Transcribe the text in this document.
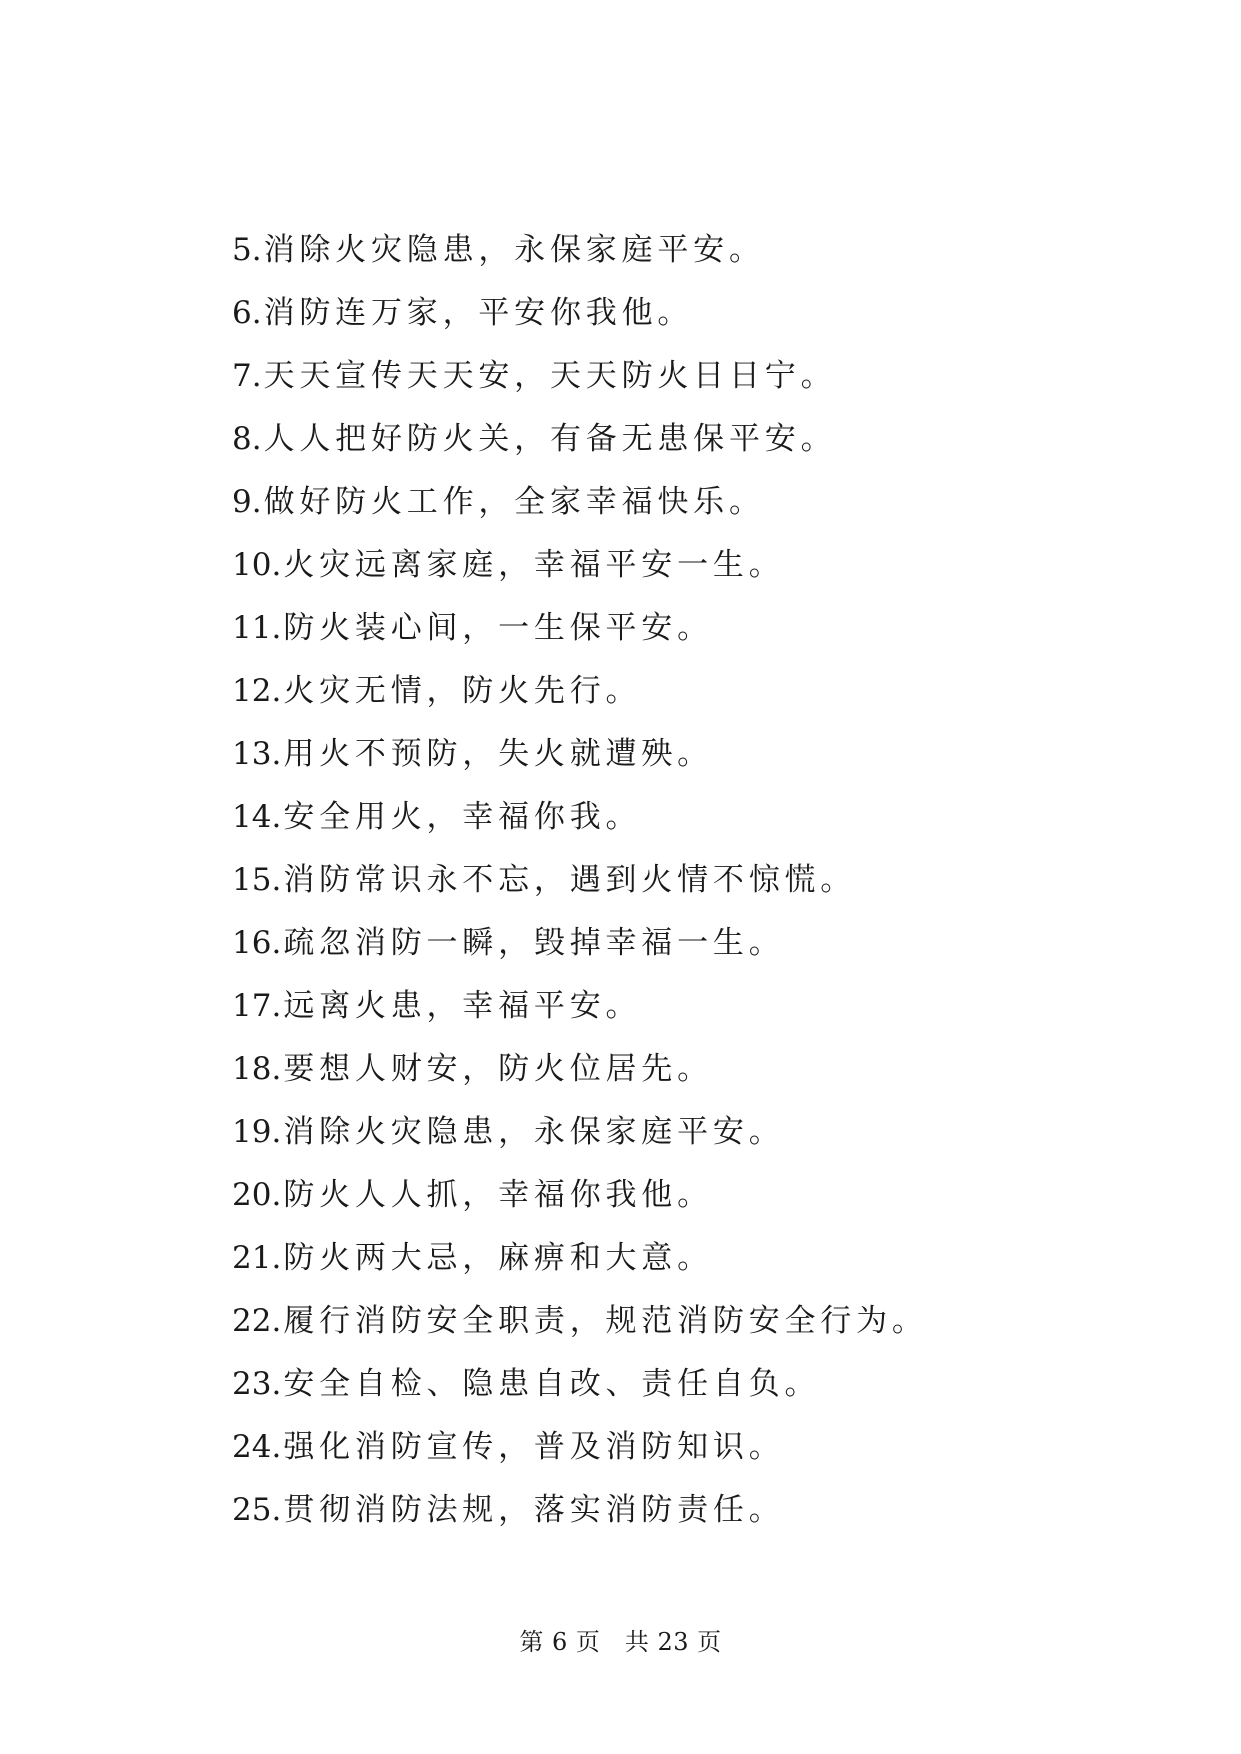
5.消除火灾隐患，永保家庭平安。
6.消防连万家，平安你我他。
7.天天宣传天天安，天天防火日日宁。
8.人人把好防火关，有备无患保平安。
9.做好防火工作，全家幸福快乐。
10.火灾远离家庭，幸福平安一生。
11.防火装心间，一生保平安。
12.火灾无情，防火先行。
13.用火不预防，失火就遭殃。
14.安全用火，幸福你我。
15.消防常识永不忘，遇到火情不惊慌。
16.疏忽消防一瞬，毁掉幸福一生。
17.远离火患，幸福平安。
18.要想人财安，防火位居先。
19.消除火灾隐患，永保家庭平安。
20.防火人人抓，幸福你我他。
21.防火两大忌，麻痹和大意。
22.履行消防安全职责，规范消防安全行为。
23.安全自检、隐患自改、责任自负。
24.强化消防宣传，普及消防知识。
25.贯彻消防法规，落实消防责任。
第 6 页 共 23 页
